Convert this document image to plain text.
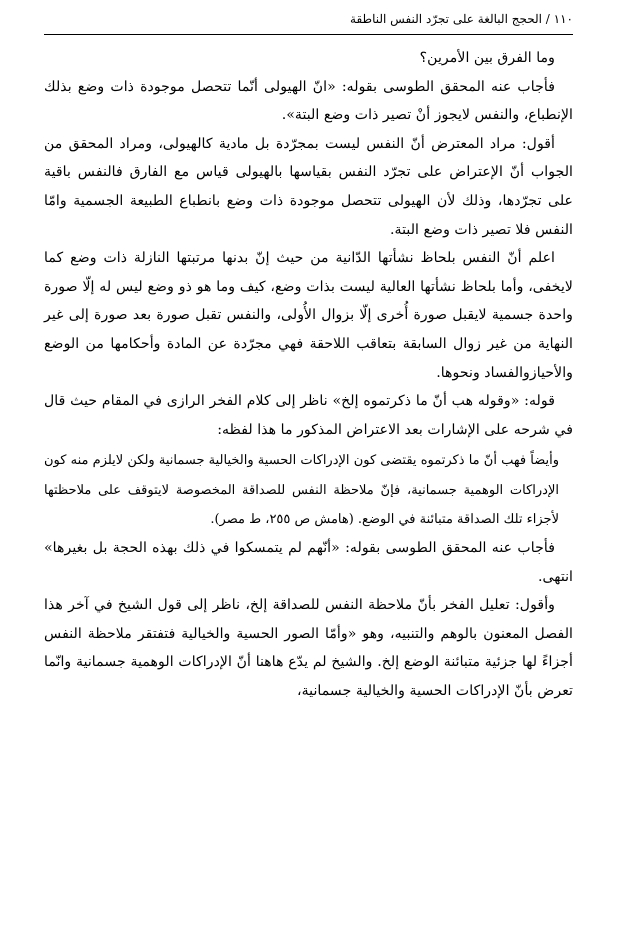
١١٠ / الحجج البالغة على تجرّد النفس الناطقة

وما الفرق بين الأمرين؟

فأجاب عنه المحقق الطوسى بقوله: «انّ الهيولى أنّما تتحصل موجودة ذات وضع بذلك الإنطباع، والنفس لايجوز أنْ تصير ذات وضع البتة».

أقول: مراد المعترض أنّ النفس ليست بمجرّدة بل مادية كالهيولى، ومراد المحقق من الجواب أنّ الإعتراض على تجرّد النفس بقياسها بالهيولى قياس مع الفارق فالنفس باقية على تجرّدها، وذلك لأن الهيولى تتحصل موجودة ذات وضع بانطباع الطبيعة الجسمية وامّا النفس فلا تصير ذات وضع البتة.

اعلم أنّ النفس بلحاظ نشأتها الدّانية من حيث إنّ بدنها مرتبتها النازلة ذات وضع كما لايخفى، وأما بلحاظ نشأتها العالية ليست بذات وضع، كيف وما هو ذو وضع ليس له إلّا صورة واحدة جسمية لايقبل صورة أُخرى إلّا بزوال الأُولى، والنفس تقبل صورة بعد صورة إلى غير النهاية من غير زوال السابقة بتعاقب اللاحقة فهي مجرّدة عن المادة وأحكامها من الوضع والأحيازوالفساد ونحوها.

قوله: «وقوله هب أنّ ما ذكرتموه إلخ» ناظر إلى كلام الفخر الرازى في المقام حيث قال في شرحه على الإشارات بعد الاعتراض المذكور ما هذا لفظه:

وأيضاً فهب أنّ ما ذكرتموه يقتضى كون الإدراكات الحسية والخيالية جسمانية ولكن لايلزم منه كون الإدراكات الوهمية جسمانية، فإنّ ملاحظة النفس للصداقة المخصوصة لايتوقف على ملاحظتها لأجزاء تلك الصداقة متبائنة في الوضع. (هامش ص ٢٥٥، ط مصر).

فأجاب عنه المحقق الطوسى بقوله: «أنّهم لم يتمسكوا في ذلك بهذه الحجة بل بغيرها» انتهى.

وأقول: تعليل الفخر بأنّ ملاحظة النفس للصداقة إلخ، ناظر إلى قول الشيخ في آخر هذا الفصل المعنون بالوهم والتنبيه، وهو «وأمّا الصور الحسية والخيالية فتفتقر ملاحظة النفس أجزاءً لها جزئية متبائنة الوضع إلخ. والشيخ لم يدّع هاهنا أنّ الإدراكات الوهمية جسمانية وانّما تعرض بأنّ الإدراكات الحسية والخيالية جسمانية،
